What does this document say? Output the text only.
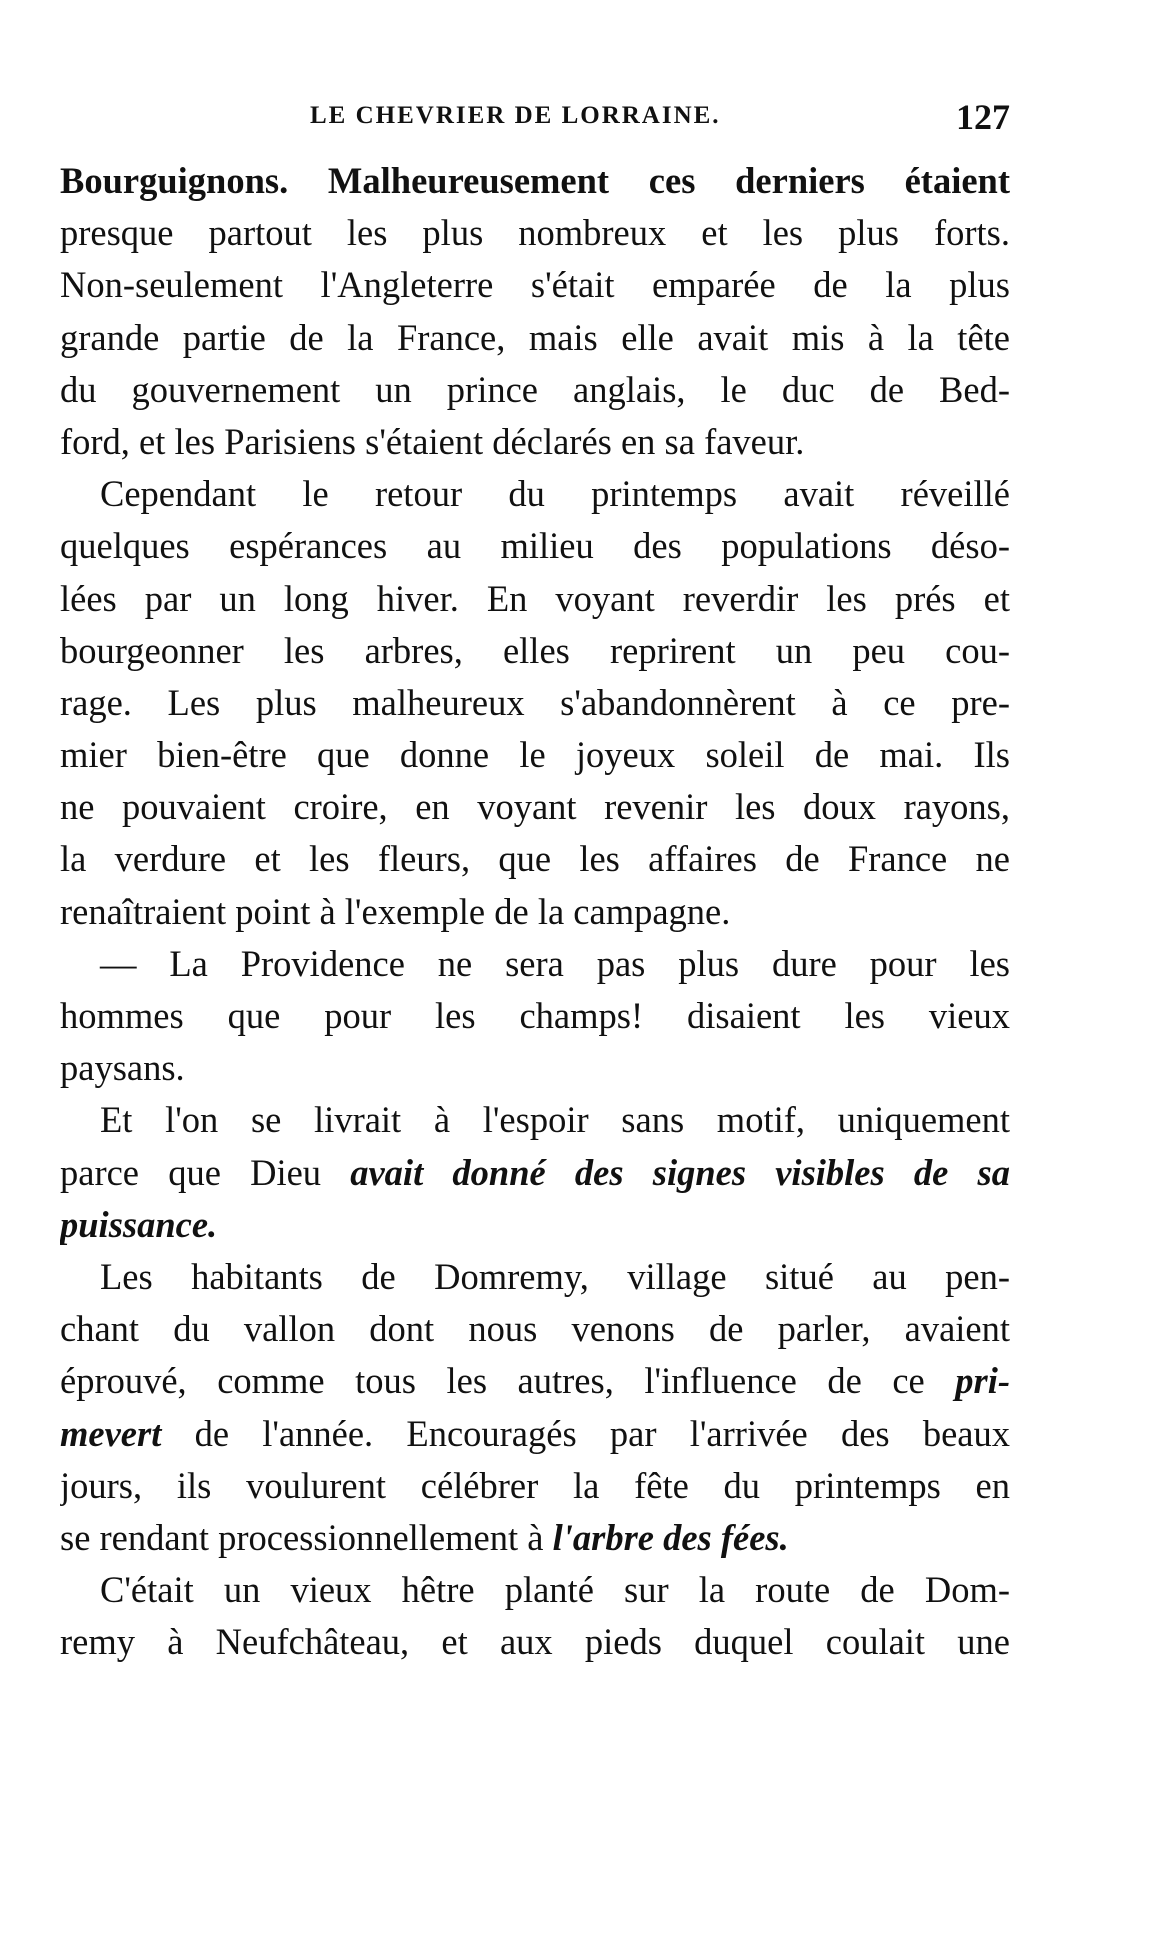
LE CHEVRIER DE LORRAINE.	127
Bourguignons. Malheureusement ces derniers étaient
presque partout les plus nombreux et les plus forts.
Non-seulement l'Angleterre s'était emparée de la plus
grande partie de la France, mais elle avait mis à la tête
du gouvernement un prince anglais, le duc de Bed-
ford, et les Parisiens s'étaient déclarés en sa faveur.
Cependant le retour du printemps avait réveillé
quelques espérances au milieu des populations déso-
lées par un long hiver. En voyant reverdir les prés et
bourgeonner les arbres, elles reprirent un peu cou-
rage. Les plus malheureux s'abandonnèrent à ce pre-
mier bien-être que donne le joyeux soleil de mai. Ils
ne pouvaient croire, en voyant revenir les doux rayons,
la verdure et les fleurs, que les affaires de France ne
renaîtraient point à l'exemple de la campagne.
— La Providence ne sera pas plus dure pour les
hommes que pour les champs! disaient les vieux
paysans.
Et l'on se livrait à l'espoir sans motif, uniquement
parce que Dieu avait donné des signes visibles de sa
puissance.
Les habitants de Domremy, village situé au pen-
chant du vallon dont nous venons de parler, avaient
éprouvé, comme tous les autres, l'influence de ce pri-
mevert de l'année. Encouragés par l'arrivée des beaux
jours, ils voulurent célébrer la fête du printemps en
se rendant processionnellement à l'arbre des fées.
C'était un vieux hêtre planté sur la route de Dom-
remy à Neufchâteau, et aux pieds duquel coulait une
